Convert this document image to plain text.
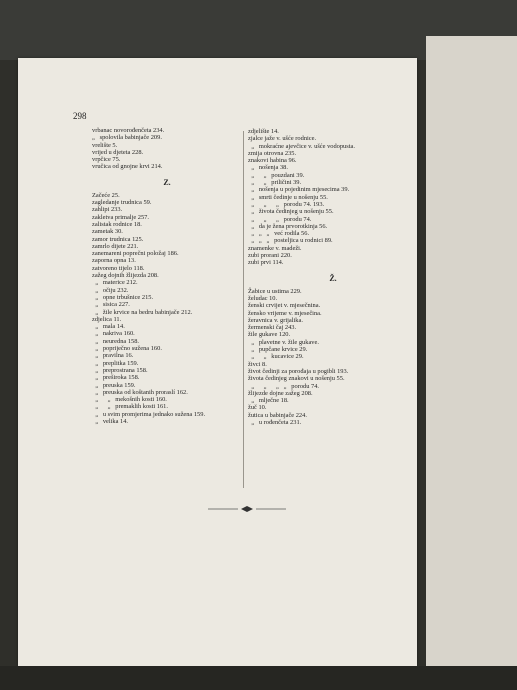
298
vrbanac novorođenčeta 234.
„   spolovila babinjače 209.
vrelište 5.
vrijed u djeteta 228.
vrpčice 75.
vručica od gnojne krvi 214.
Z.
Začeće 25.
zagledanje trudnica 59.
zahlipi 233.
zakletva primalje 257.
zalistak rodnice 18.
zametak 30.
zamor trudnica 125.
zamrlo dijete 221.
zanemareni poprečni položaj 186.
zaporna opna 13.
zatvoreno tijelo 118.
zažeg dojnih žlijezda 208.
„   materice 212.
„   očiju 232.
„   opne trbušnice 215.
„   sisica 227.
„   žile krvice na bedru babinjače 212.
zdjelica 11.
„   mala 14.
„   nakriva 160.
„   neuredna 158.
„   popriječno sužena 160.
„   pravilna 16.
„   preplitka 159.
„   preprostrana 158.
„   preširoka 158.
„   preuska 159.
„   preuska od koštanih proraslí 162.
„      „   mekošnih kosti 160.
„      „   premaklih kosti 161.
„   u svim promjerima jednako sužena 159.
„   velika 14.
zdjelište 14.
zjalce jaže v. ušće rodnice.
„   mokraćne ajevčice v. ušće vodopusta.
zmija otrovna 235.
znakovi habina 96.
„   nošenja 38.
„      „   pouzdani 39.
„      „   priličini 39.
„   nošenja u pojedinim mjesecima 39.
„   smrti čedinje u nošenju 55.
„      „      „   porodu 74. 193.
„   života čedinjeg u nošenju 55.
„      „      „   porodu 74.
„   da je žena prvorotkinja 56.
„   „   „   već rodila 56.
„   „   „   posteljica u rodnici 89.
znamenke v. madeži.
zubi prorani 220.
zubi prvi 114.
Ž.
Žabice u ustima 229.
želudac 10.
ženski crvijet v. mjesečnina.
žensko vrijeme v. mjesečina.
žeravnica v. grijalika.
žermenski čaj 243.
žile gukave 120.
„   plavetne v. žile gukave.
„   pupčane krvice 29.
„      „   kucavice 29.
živci 8.
život čedinji za porođaja u pogibli 193.
života čedinjeg znakovi u nošenju 55.
„      „      „   „   porodu 74.
žlijezde dojne zažeg 208.
„   mlječne 18.
žuč 10.
žutica u babinjače 224.
„   u rođenčeta 231.
